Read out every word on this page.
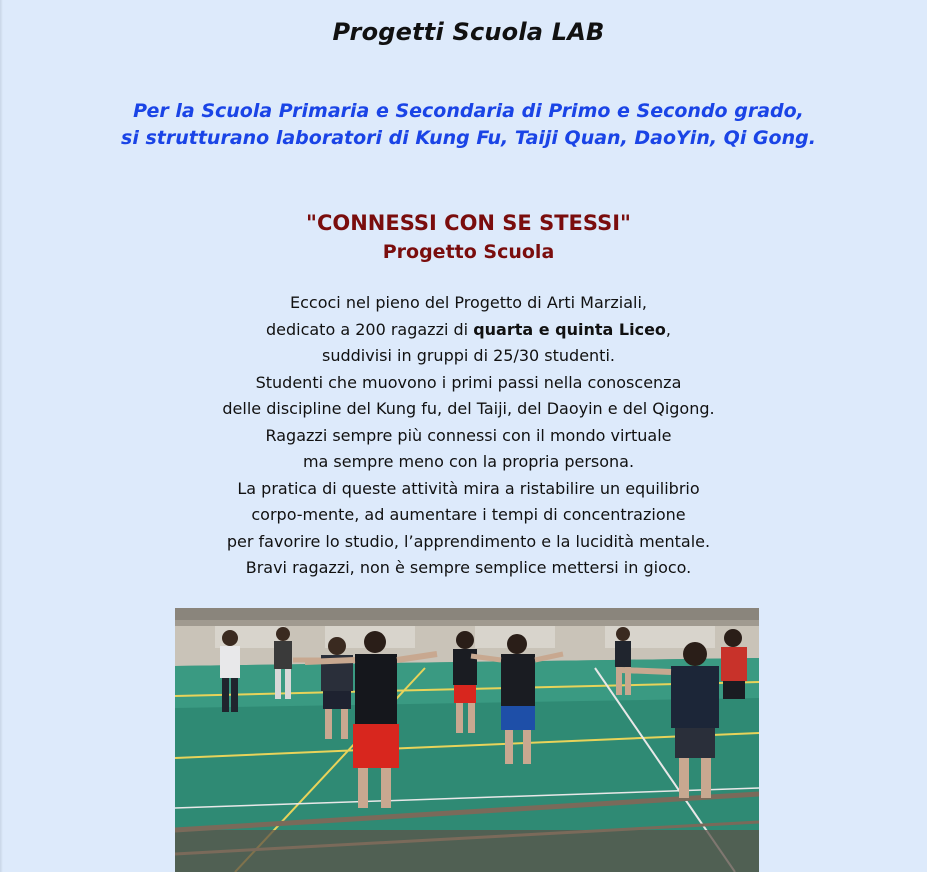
Progetti Scuola LAB
Per la Scuola Primaria e Secondaria di Primo e Secondo grado,
si strutturano laboratori di Kung Fu, Taiji Quan, DaoYin, Qi Gong.
"CONNESSI CON SE STESSI"
Progetto Scuola
Eccoci nel pieno del Progetto di Arti Marziali,
dedicato a 200 ragazzi di quarta e quinta Liceo,
suddivisi in gruppi di 25/30 studenti.
Studenti che muovono i primi passi nella conoscenza
delle discipline del Kung fu, del Taiji, del Daoyin e del Qigong.
Ragazzi sempre più connessi con il mondo virtuale
ma sempre meno con la propria persona.
La pratica di queste attività mira a ristabilire un equilibrio
corpo-mente, ad aumentare i tempi di concentrazione
per favorire lo studio, l’apprendimento e la lucidità mentale.
Bravi ragazzi, non è sempre semplice mettersi in gioco.
